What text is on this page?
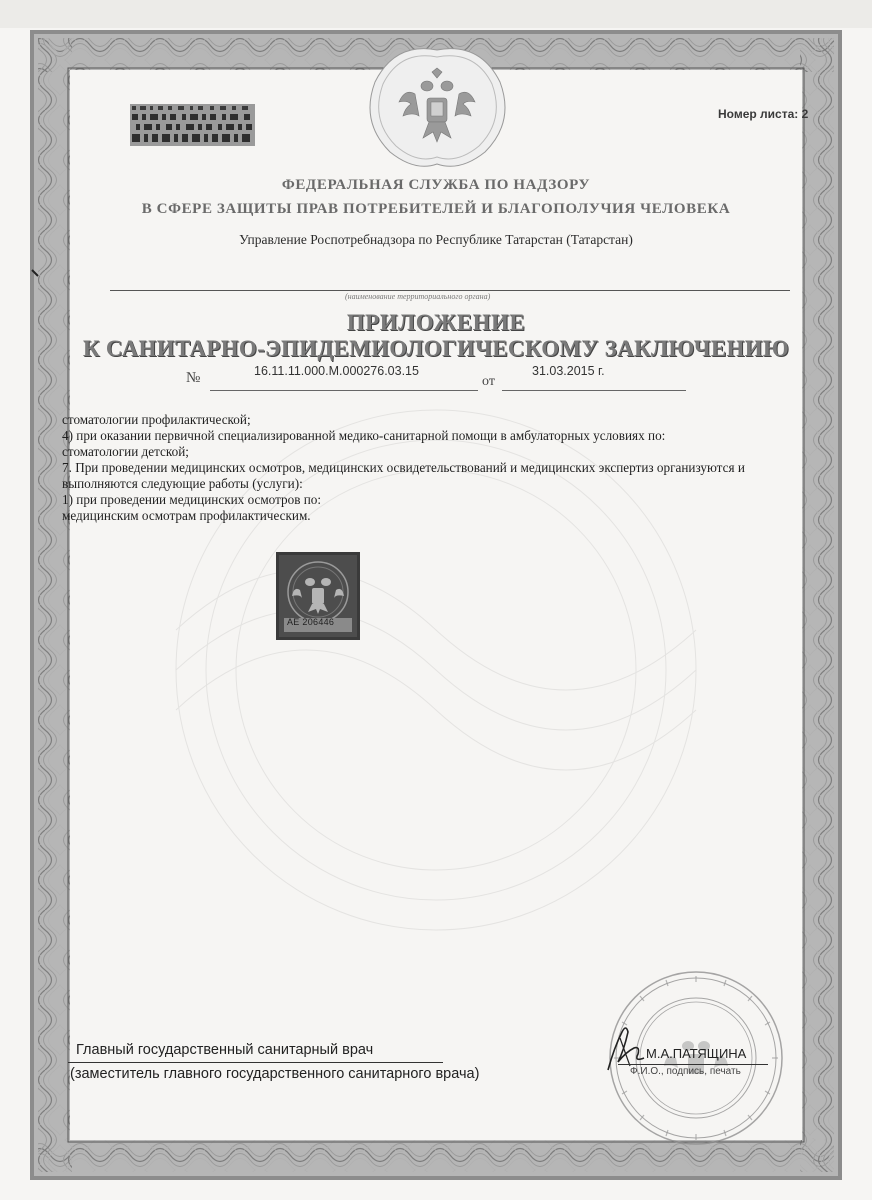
Номер листа: 2
ФЕДЕРАЛЬНАЯ СЛУЖБА ПО НАДЗОРУ
В СФЕРЕ ЗАЩИТЫ ПРАВ ПОТРЕБИТЕЛЕЙ И БЛАГОПОЛУЧИЯ ЧЕЛОВЕКА
Управление Роспотребнадзора по Республике Татарстан (Татарстан)
(наименование территориального органа)
ПРИЛОЖЕНИЕ
К САНИТАРНО-ЭПИДЕМИОЛОГИЧЕСКОМУ ЗАКЛЮЧЕНИЮ
№	16.11.11.000.М.000276.03.15
от
31.03.2015 г.
стоматологии профилактической;
4) при оказании первичной специализированной медико-санитарной помощи в амбулаторных условиях по:
стоматологии детской;
7. При проведении медицинских осмотров, медицинских освидетельствований и медицинских экспертиз организуются и
выполняются следующие работы (услуги):
1) при проведении медицинских осмотров по:
медицинским осмотрам профилактическим.
АЕ 206446
Главный государственный санитарный врач
(заместитель главного государственного санитарного врача)
М.А.ПАТЯЩИНА
Ф.И.О., подпись, печать
